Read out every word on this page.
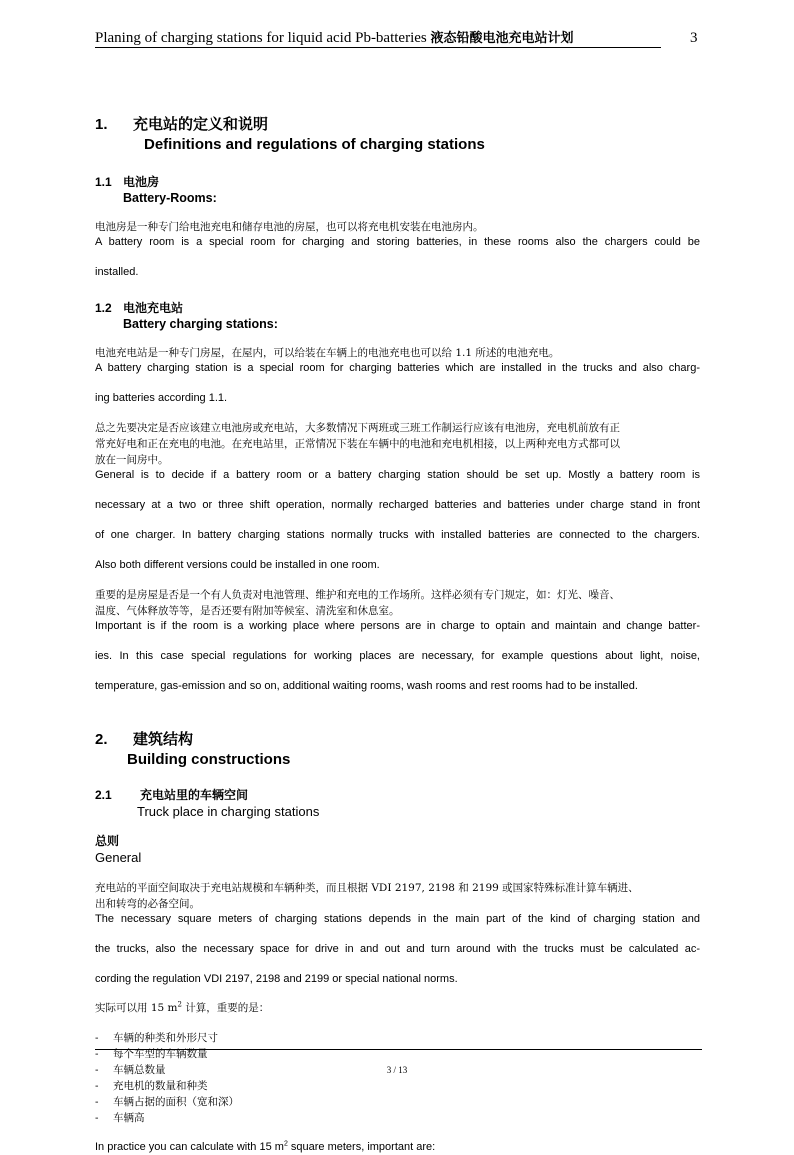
Planing of charging stations for liquid acid Pb-batteries 液态铅酸电池充电站计划	3
1. 充电站的定义和说明
Definitions and regulations of charging stations
1.1 电池房
Battery-Rooms:
电池房是一种专门给电池充电和储存电池的房屋，也可以将充电机安装在电池房内。
A battery room is a special room for charging and storing batteries, in these rooms also the chargers could be
installed.
1.2 电池充电站
Battery charging stations:
电池充电站是一种专门房屋，在屋内，可以给装在车辆上的电池充电也可以给 1.1 所述的电池充电。
A battery charging station is a special room for charging batteries which are installed in the trucks and also charg-
ing batteries according 1.1.
总之先要决定是否应该建立电池房或充电站，大多数情况下两班或三班工作制运行应该有电池房，充电机前放有正
常充好电和正在充电的电池。在充电站里，正常情况下装在车辆中的电池和充电机相接，以上两种充电方式都可以
放在一间房中。
General is to decide if a battery room or a battery charging station should be set up. Mostly a battery room is
necessary at a two or three shift operation, normally recharged batteries and batteries under charge stand in front
of one charger. In battery charging stations normally trucks with installed batteries are connected to the chargers.
Also both different versions could be installed in one room.
重要的是房屋是否是一个有人负责对电池管理、维护和充电的工作场所。这样必须有专门规定，如：灯光、噪音、
温度、气体释放等等，是否还要有附加等候室、清洗室和休息室。
Important is if the room is a working place where persons are in charge to optain and maintain and change batter-
ies. In this case special regulations for working places are necessary, for example questions about light, noise,
temperature, gas-emission and so on, additional waiting rooms, wash rooms and rest rooms had to be installed.
2. 建筑结构
Building constructions
2.1 充电站里的车辆空间
Truck place in charging stations
总则
General
充电站的平面空间取决于充电站规模和车辆种类，而且根据 VDI 2197, 2198 和 2199 或国家特殊标准计算车辆进、
出和转弯的必备空间。
The necessary square meters of charging stations depends in the main part of the kind of charging station and
the trucks, also the necessary space for drive in and out and turn around with the trucks must be calculated ac-
cording the regulation VDI 2197, 2198 and 2199 or special national norms.
实际可以用 15 $m^2$ 计算，重要的是：
- 车辆的种类和外形尺寸
- 每个车型的车辆数量
- 车辆总数量
- 充电机的数量和种类
- 车辆占据的面积（宽和深）
- 车辆高
In practice you can calculate with 15 $m^2$ square meters, important are:
3 / 13
